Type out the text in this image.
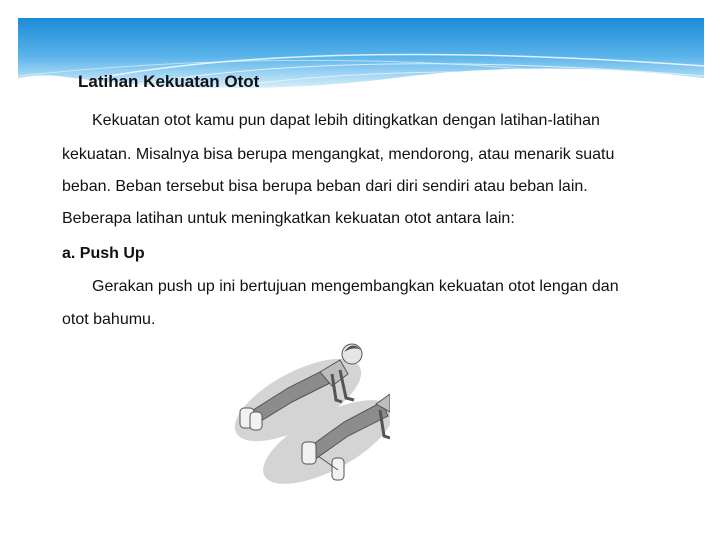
Latihan Kekuatan Otot
Kekuatan otot kamu pun dapat lebih ditingkatkan dengan latihan-latihan
kekuatan. Misalnya bisa berupa mengangkat, mendorong, atau menarik suatu
beban. Beban tersebut bisa berupa beban dari diri sendiri atau beban lain.
Beberapa latihan untuk meningkatkan kekuatan otot antara lain:
a. Push Up
Gerakan push up ini bertujuan mengembangkan kekuatan otot lengan dan
otot bahumu.
